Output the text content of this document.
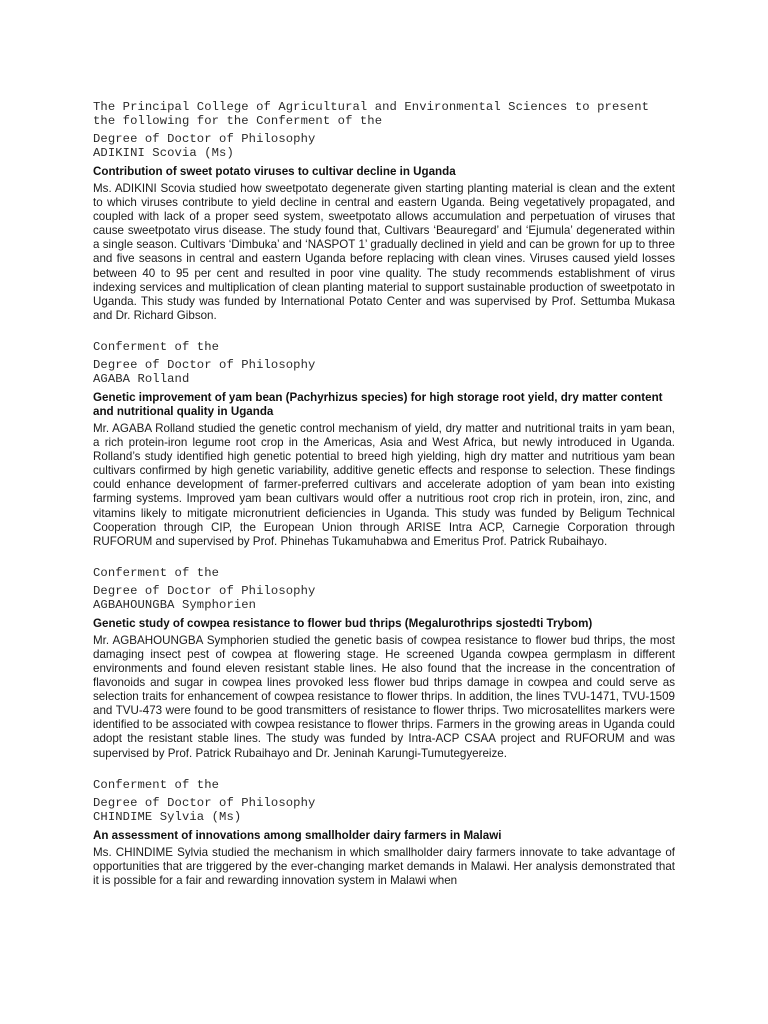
The Principal College of Agricultural and Environmental Sciences to present
the following for the Conferment of the
Degree of Doctor of Philosophy
ADIKINI Scovia (Ms)

Contribution of sweet potato viruses to cultivar decline in Uganda

Ms. ADIKINI Scovia studied how sweetpotato degenerate given starting planting material is clean and the extent to which viruses contribute to yield decline in central and eastern Uganda. Being vegetatively propagated, and coupled with lack of a proper seed system, sweetpotato allows accumulation and perpetuation of viruses that cause sweetpotato virus disease. The study found that, Cultivars ‘Beauregard’ and ‘Ejumula’ degenerated within a single season. Cultivars ‘Dimbuka’ and ‘NASPOT 1’ gradually declined in yield and can be grown for up to three and five seasons in central and eastern Uganda before replacing with clean vines. Viruses caused yield losses between 40 to 95 per cent and resulted in poor vine quality. The study recommends establishment of virus indexing services and multiplication of clean planting material to support sustainable production of sweetpotato in Uganda. This study was funded by International Potato Center and was supervised by Prof. Settumba Mukasa and Dr. Richard Gibson.

Conferment of the
Degree of Doctor of Philosophy
AGABA Rolland

Genetic improvement of yam bean (Pachyrhizus species) for high storage root yield, dry matter content and nutritional quality in Uganda

Mr. AGABA Rolland studied the genetic control mechanism of yield, dry matter and nutritional traits in yam bean, a rich protein-iron legume root crop in the Americas, Asia and West Africa, but newly introduced in Uganda. Rolland’s study identified high genetic potential to breed high yielding, high dry matter and nutritious yam bean cultivars confirmed by high genetic variability, additive genetic effects and response to selection. These findings could enhance development of farmer-preferred cultivars and accelerate adoption of yam bean into existing farming systems. Improved yam bean cultivars would offer a nutritious root crop rich in protein, iron, zinc, and vitamins likely to mitigate micronutrient deficiencies in Uganda. This study was funded by Beligum Technical Cooperation through CIP, the European Union through ARISE Intra ACP, Carnegie Corporation through RUFORUM and supervised by Prof. Phinehas Tukamuhabwa and Emeritus Prof. Patrick Rubaihayo.

Conferment of the
Degree of Doctor of Philosophy
AGBAHOUNGBA Symphorien

Genetic study of cowpea resistance to flower bud thrips (Megalurothrips sjostedti Trybom)

Mr. AGBAHOUNGBA Symphorien studied the genetic basis of cowpea resistance to flower bud thrips, the most damaging insect pest of cowpea at flowering stage. He screened Uganda cowpea germplasm in different environments and found eleven resistant stable lines. He also found that the increase in the concentration of flavonoids and sugar in cowpea lines provoked less flower bud thrips damage in cowpea and could serve as selection traits for enhancement of cowpea resistance to flower thrips. In addition, the lines TVU-1471, TVU-1509 and TVU-473 were found to be good transmitters of resistance to flower thrips. Two microsatellites markers were identified to be associated with cowpea resistance to flower thrips. Farmers in the growing areas in Uganda could adopt the resistant stable lines. The study was funded by Intra-ACP CSAA project and RUFORUM and was supervised by Prof. Patrick Rubaihayo and Dr. Jeninah Karungi-Tumutegyereize.

Conferment of the
Degree of Doctor of Philosophy
CHINDIME Sylvia (Ms)

An assessment of innovations among smallholder dairy farmers in Malawi

Ms. CHINDIME Sylvia studied the mechanism in which smallholder dairy farmers innovate to take advantage of opportunities that are triggered by the ever-changing market demands in Malawi. Her analysis demonstrated that it is possible for a fair and rewarding innovation system in Malawi when
